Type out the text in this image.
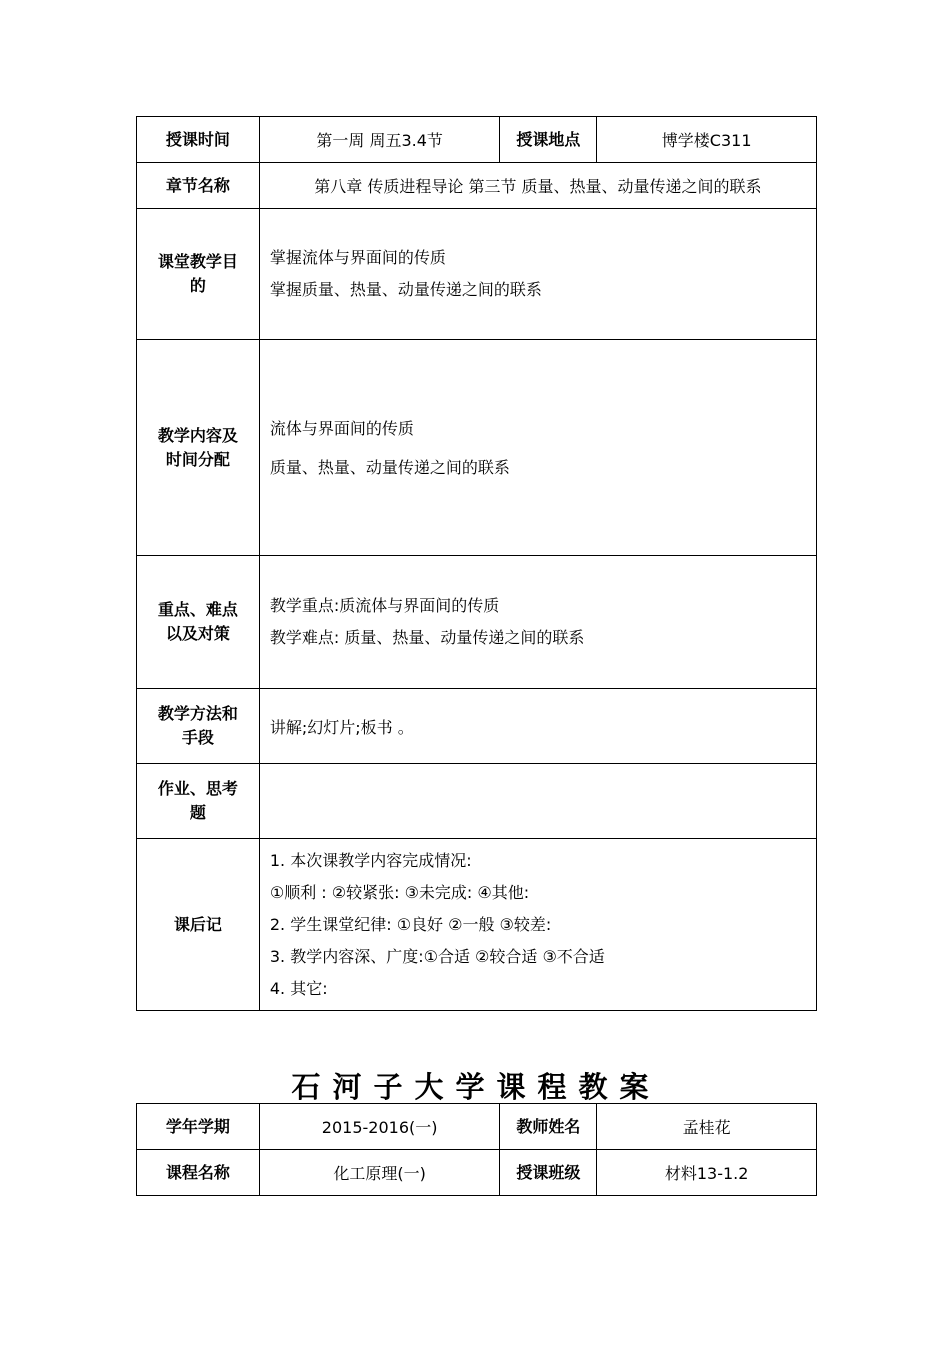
授课时间	第一周 周五3.4节	授课地点	博学楼C311
章节名称	第八章 传质进程导论 第三节 质量、热量、动量传递之间的联系		
课堂教学目的	掌握流体与界面间的传质
掌握质量、热量、动量传递之间的联系		

教学内容及时间分配	流体与界面间的传质
质量、热量、动量传递之间的联系		

重点、难点以及对策	教学重点:质流体与界面间的传质
教学难点: 质量、热量、动量传递之间的联系		

教学方法和手段	讲解;幻灯片;板书 。		
作业、思考题			
课后记	1. 本次课教学内容完成情况:
①顺利 : ②较紧张: ③未完成: ④其他:
2. 学生课堂纪律: ①良好 ②一般 ③较差:
3. 教学内容深、广度:①合适 ②较合适 ③不合适
4. 其它:		
石河子大学课程教案
学年学期	2015-2016(一)	教师姓名	孟桂花
课程名称	化工原理(一)	授课班级	材料13-1.2
